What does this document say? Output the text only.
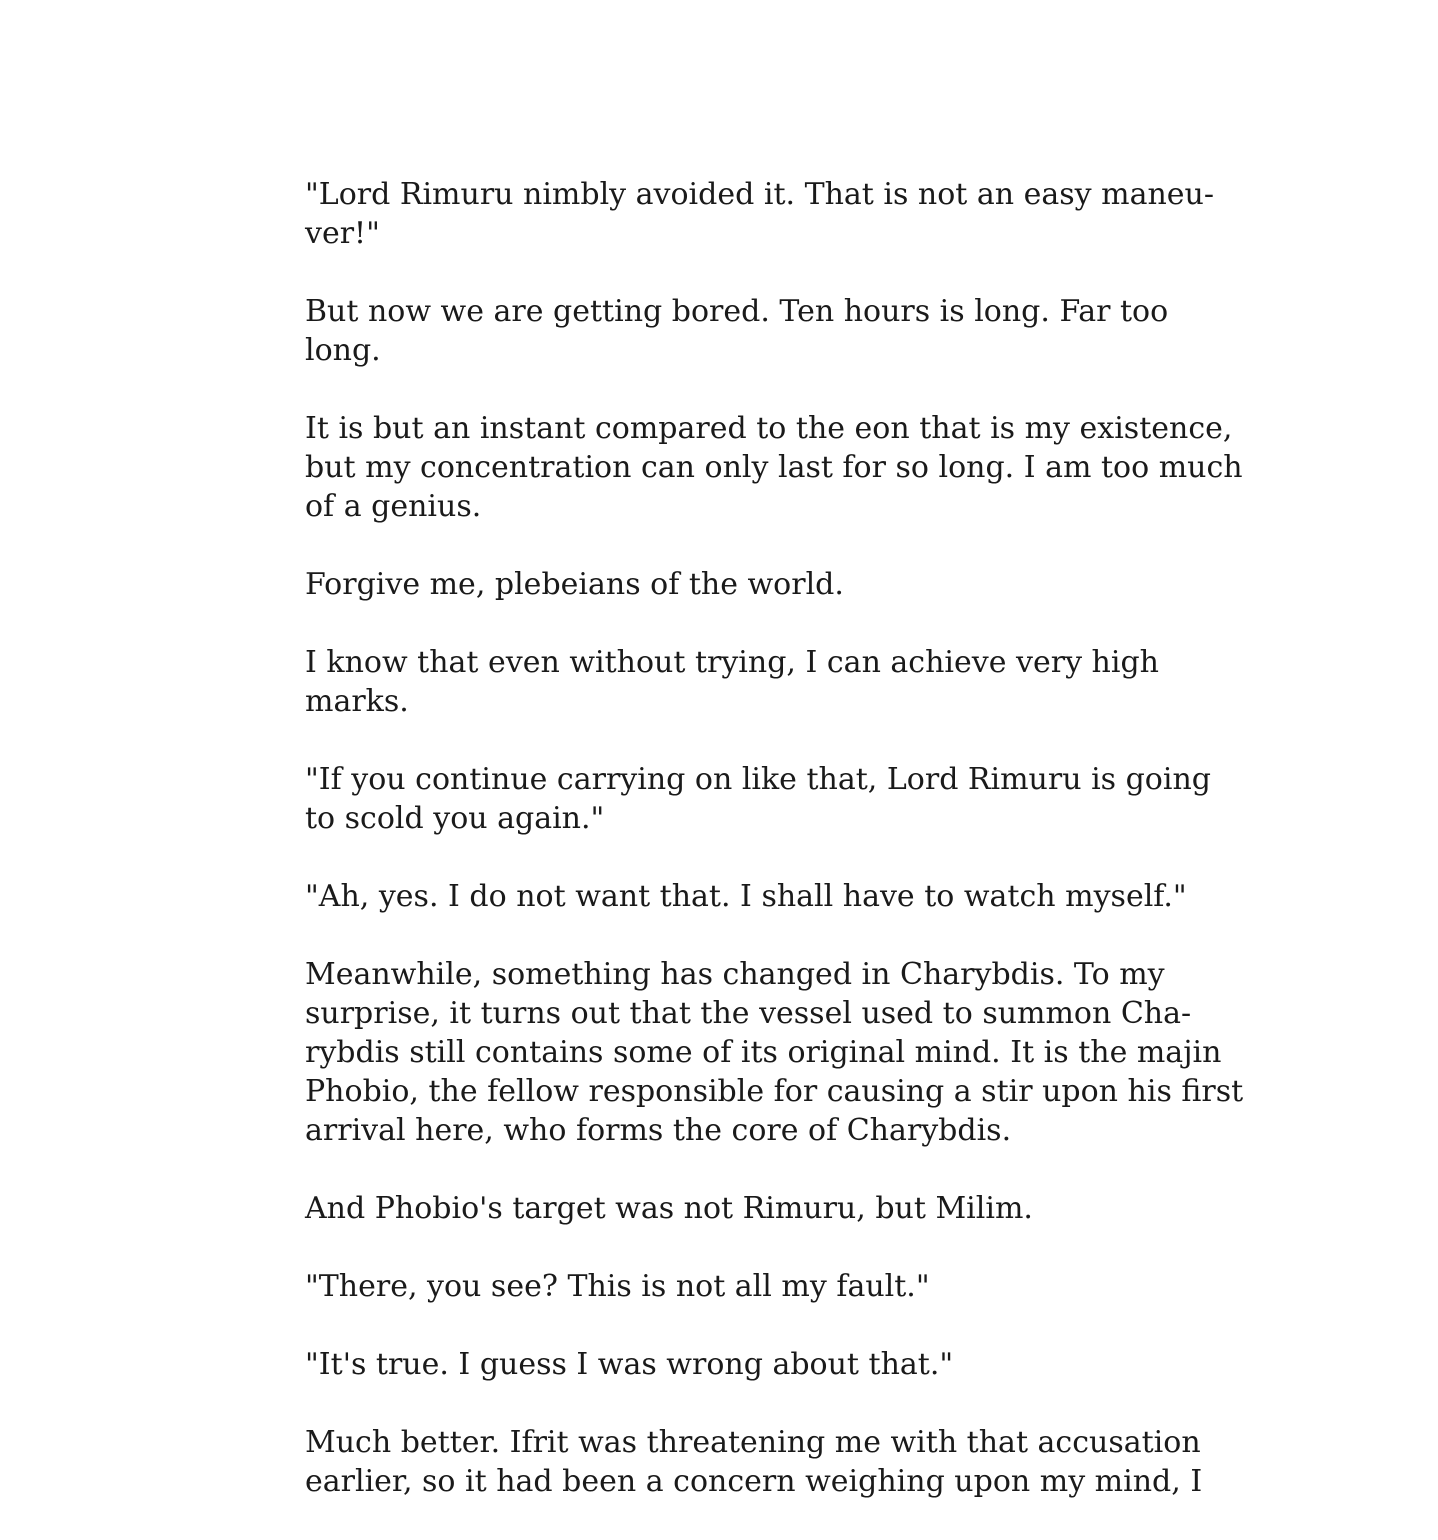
"Lord Rimuru nimbly avoided it. That is not an easy maneu-
ver!"

But now we are getting bored. Ten hours is long. Far too
long.

It is but an instant compared to the eon that is my existence,
but my concentration can only last for so long. I am too much
of a genius.

Forgive me, plebeians of the world.

I know that even without trying, I can achieve very high
marks.

"If you continue carrying on like that, Lord Rimuru is going
to scold you again."

"Ah, yes. I do not want that. I shall have to watch myself."

Meanwhile, something has changed in Charybdis. To my
surprise, it turns out that the vessel used to summon Cha-
rybdis still contains some of its original mind. It is the majin
Phobio, the fellow responsible for causing a stir upon his first
arrival here, who forms the core of Charybdis.

And Phobio's target was not Rimuru, but Milim.

"There, you see? This is not all my fault."

"It's true. I guess I was wrong about that."

Much better. Ifrit was threatening me with that accusation
earlier, so it had been a concern weighing upon my mind, I
